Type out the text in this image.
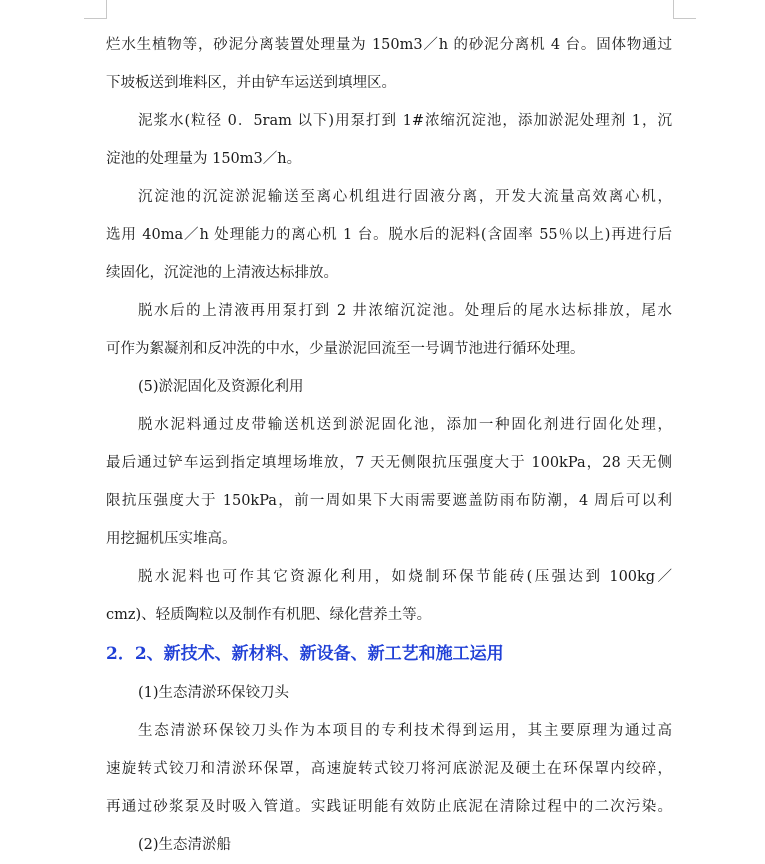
烂水生植物等，砂泥分离装置处理量为 150m3／h 的砂泥分离机 4 台。固体物通过
下坡板送到堆料区，并由铲车运送到填埋区。
泥浆水(粒径 0．5ram 以下)用泵打到 1#浓缩沉淀池，添加淤泥处理剂 1，沉
淀池的处理量为 150m3／h。
沉淀池的沉淀淤泥输送至离心机组进行固液分离，开发大流量高效离心机，
选用 40ma／h 处理能力的离心机 1 台。脱水后的泥料(含固率 55％以上)再进行后
续固化，沉淀池的上清液达标排放。
脱水后的上清液再用泵打到 2 井浓缩沉淀池。处理后的尾水达标排放，尾水
可作为絮凝剂和反冲洗的中水，少量淤泥回流至一号调节池进行循环处理。
(5)淤泥固化及资源化利用
脱水泥料通过皮带输送机送到淤泥固化池，添加一种固化剂进行固化处理，
最后通过铲车运到指定填埋场堆放，7 天无侧限抗压强度大于 100kPa，28 天无侧
限抗压强度大于 150kPa，前一周如果下大雨需要遮盖防雨布防潮，4 周后可以利
用挖掘机压实堆高。
脱水泥料也可作其它资源化利用，如烧制环保节能砖(压强达到 100kg／
cmz)、轻质陶粒以及制作有机肥、绿化营养土等。
2．2、新技术、新材料、新设备、新工艺和施工运用
(1)生态清淤环保铰刀头
生态清淤环保铰刀头作为本项目的专利技术得到运用，其主要原理为通过高
速旋转式铰刀和清淤环保罩，高速旋转式铰刀将河底淤泥及硬土在环保罩内绞碎，
再通过砂浆泵及时吸入管道。实践证明能有效防止底泥在清除过程中的二次污染。
(2)生态清淤船
